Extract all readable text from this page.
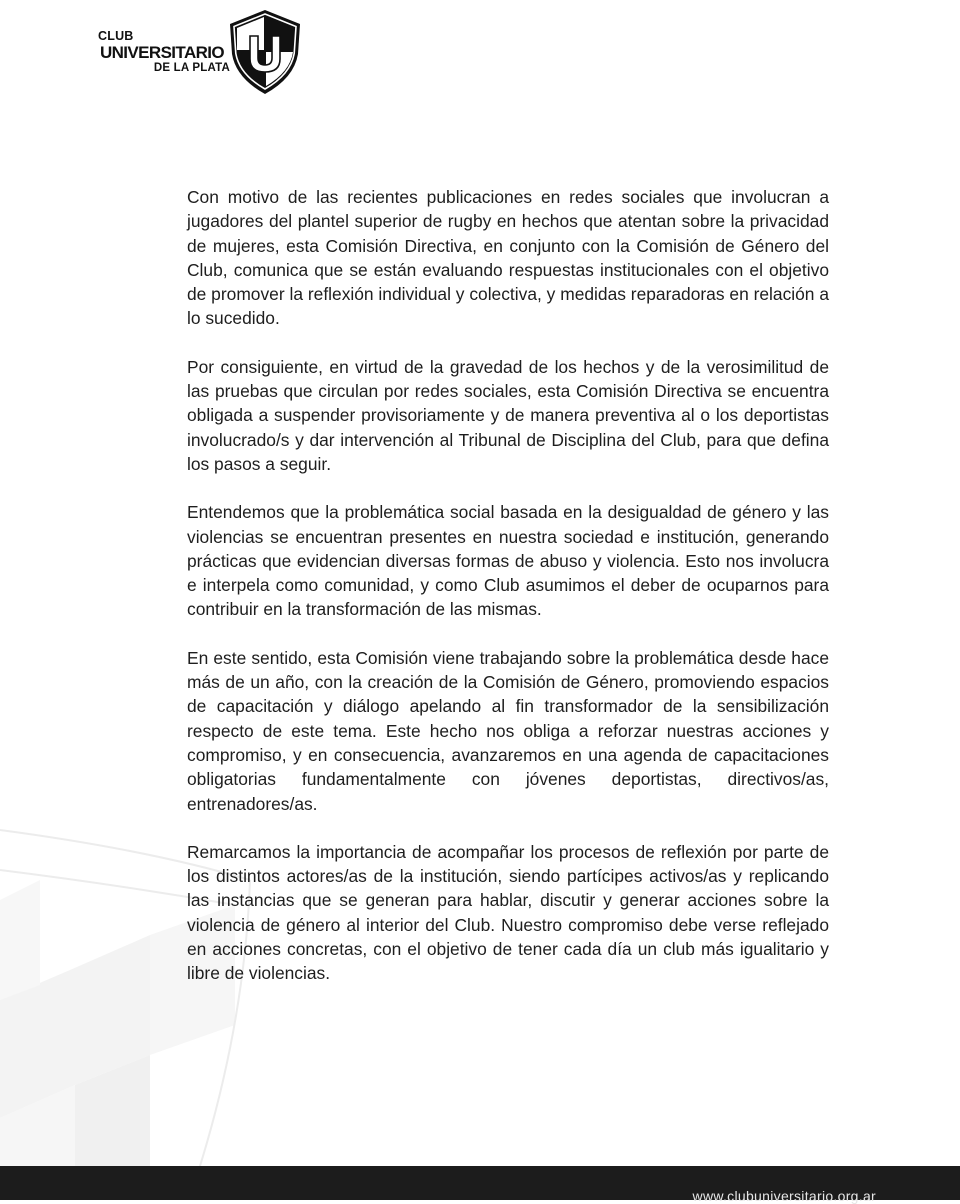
CLUB
UNIVERSITARIO
DE LA PLATA
U

Con motivo de las recientes publicaciones en redes sociales que involucran a jugadores del plantel superior de rugby en hechos que atentan sobre la privacidad de mujeres, esta Comisión Directiva, en conjunto con la Comisión de Género del Club, comunica que se están evaluando respuestas institucionales con el objetivo de promover la reflexión individual y colectiva, y medidas reparadoras en relación a lo sucedido.

Por consiguiente, en virtud de la gravedad de los hechos y de la verosimilitud de las pruebas que circulan por redes sociales, esta Comisión Directiva se encuentra obligada a suspender provisoriamente y de manera preventiva al o los deportistas involucrado/s y dar intervención al Tribunal de Disciplina del Club, para que defina los pasos a seguir.

Entendemos que la problemática social basada en la desigualdad de género y las violencias se encuentran presentes en nuestra sociedad e institución, generando prácticas que evidencian diversas formas de abuso y violencia. Esto nos involucra e interpela como comunidad, y como Club asumimos el deber de ocuparnos para contribuir en la transformación de las mismas.

En este sentido, esta Comisión viene trabajando sobre la problemática desde hace más de un año, con la creación de la Comisión de Género, promoviendo espacios de capacitación y diálogo apelando al fin transformador de la sensibilización respecto de este tema. Este hecho nos obliga a reforzar nuestras acciones y compromiso, y en consecuencia, avanzaremos en una agenda de capacitaciones obligatorias fundamentalmente con jóvenes deportistas, directivos/as, entrenadores/as.

Remarcamos la importancia de acompañar los procesos de reflexión por parte de los distintos actores/as de la institución, siendo partícipes activos/as y replicando las instancias que se generan para hablar, discutir y generar acciones sobre la violencia de género al interior del Club. Nuestro compromiso debe verse reflejado en acciones concretas, con el objetivo de tener cada día un club más igualitario y libre de violencias.

www.clubuniversitario.org.ar
